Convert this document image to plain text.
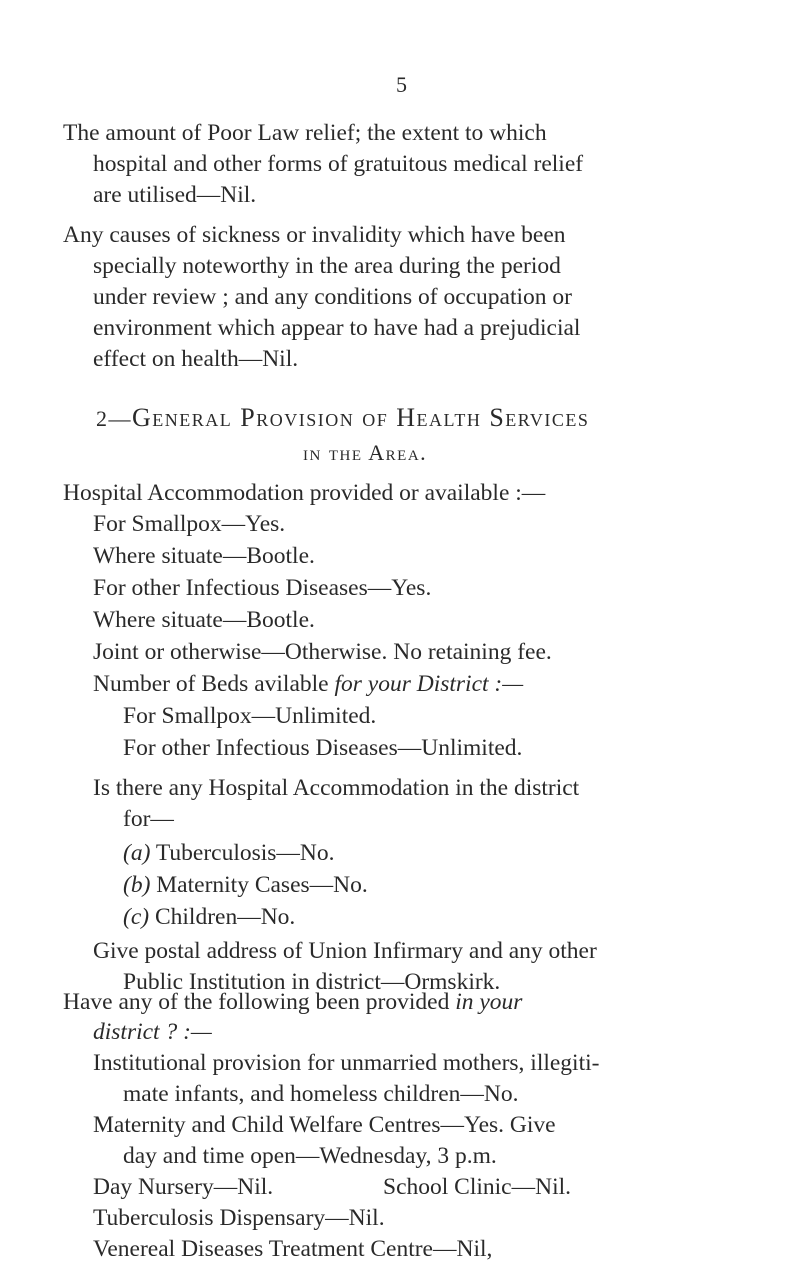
5
The amount of Poor Law relief; the extent to which
hospital and other forms of gratuitous medical relief
are utilised—Nil.
Any causes of sickness or invalidity which have been
specially noteworthy in the area during the period
under review ; and any conditions of occupation or
environment which appear to have had a prejudicial
effect on health—Nil.
2—General Provision of Health Services
in the Area.
Hospital Accommodation provided or available :—
For Smallpox—Yes.
Where situate—Bootle.
For other Infectious Diseases—Yes.
Where situate—Bootle.
Joint or otherwise—Otherwise. No retaining fee.
Number of Beds avilable for your District :—
For Smallpox—Unlimited.
For other Infectious Diseases—Unlimited.
Is there any Hospital Accommodation in the district
for—
(a) Tuberculosis—No.
(b) Maternity Cases—No.
(c) Children—No.
Give postal address of Union Infirmary and any other
Public Institution in district—Ormskirk.
Have any of the following been provided in your
district ? :—
Institutional provision for unmarried mothers, illegiti-
mate infants, and homeless children—No.
Maternity and Child Welfare Centres—Yes. Give
day and time open—Wednesday, 3 p.m.
Day Nursery—Nil.	School Clinic—Nil.
Tuberculosis Dispensary—Nil.
Venereal Diseases Treatment Centre—Nil,
